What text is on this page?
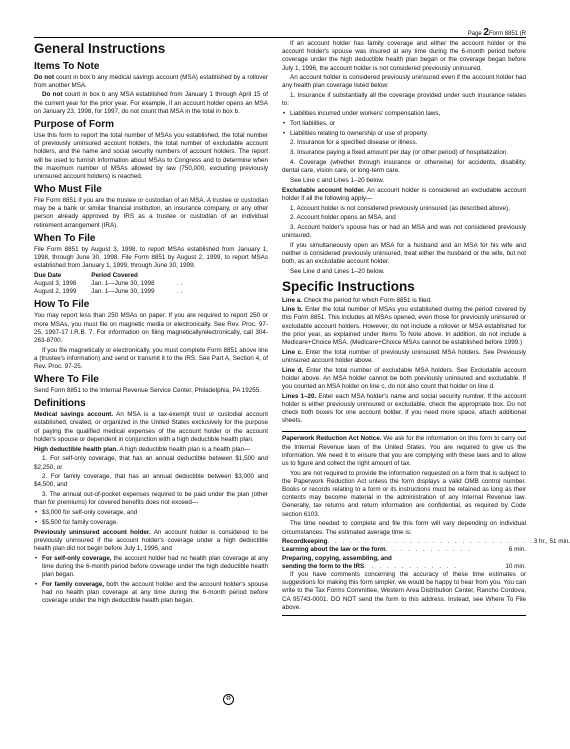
Page 2Form 8851 (R
General Instructions
Items To Note

Do not count in box b any medical savings account (MSA) established by a rollover from another MSA.

Do not count in box b any MSA established from January 1 through April 15 of the current year for the prior year. For example, if an account holder opens an MSA on January 23, 1998, for 1997, do not count that MSA in the total in box b.

Purpose of Form

Use this form to report the total number of MSAs you established, the total number of previously uninsured account holders, the total number of excludable account holders, and the name and social security numbers of account holders. The report will be used to furnish information about MSAs to Congress and to determine when the maximum number of MSAs allowed by law (750,000, excluding previously uninsured account holders) is reached.

Who Must File

File Form 8851 if you are the trustee or custodian of an MSA. A trustee or custodian may be a bank or similar financial institution, an insurance company, or any other person already approved by IRS as a trustee or custodian of an individual retirement arrangement (IRA).

When To File

File Form 8851 by August 3, 1998, to report MSAs established from January 1, 1998, through June 30, 1998. File Form 8851 by August 2, 1999, to report MSAs established from January 1, 1999, through June 30, 1999.

Due Date	Period Covered	
August 3, 1998	Jan. 1—June 30, 1998	. .
August 2, 1999	Jan. 1—June 30, 1999	. .
How To File

You may report less than 250 MSAs on paper. If you are required to report 250 or more MSAs, you must file on magnetic media or electronically. See Rev. Proc. 97-25, 1997-17 I.R.B. 7. For information on filing magnetically/electronically, call 304-263-8700.

If you file magnetically or electronically, you must complete Form 8851 above line a (trustee's information) and send or transmit it to the IRS. See Part A, Section 4, of Rev. Proc. 97-25.

Where To File

Send Form 8851 to the Internal Revenue Service Center, Philadelphia, PA 19255.

Definitions

Medical savings account. An MSA is a tax-exempt trust or custodial account established, created, or organized in the United States exclusively for the purpose of paying the qualified medical expenses of the account holder or the account holder's spouse or dependent in conjunction with a high deductible health plan.

High deductible health plan. A high deductible health plan is a health plan—

1. For self-only coverage, that has an annual deductible between $1,500 and $2,250, or

2. For family coverage, that has an annual deductible between $3,000 and $4,500, and

3. The annual out-of-pocket expenses required to be paid under the plan (other than for premiums) for covered benefits does not exceed—

• $3,000 for self-only coverage, and

• $5,500 for family coverage.

Previously uninsured account holder. An account holder is considered to be previously uninsured if the account holder's coverage under a high deductible health plan did not begin before July 1, 1996, and

• For self-only coverage, the account holder had no health plan coverage at any time during the 6-month period before coverage under the high deductible health plan began.

• For family coverage, both the account holder and the account holder's spouse had no health plan coverage at any time during the 6-month period before coverage under the high deductible health plan began.

♻

If an account holder has family coverage and either the account holder or the account holder's spouse was insured at any time during the 6-month period before coverage under the high deductible health plan began or the coverage began before July 1, 1996, the account holder is not considered previously uninsured.

An account holder is considered previously uninsured even if the account holder had any health plan coverage listed below:

1. Insurance if substantially all the coverage provided under such insurance relates to:

• Liabilities incurred under workers' compensation laws,

• Tort liabilities, or

• Liabilities relating to ownership or use of property.

2. Insurance for a specified disease or illness.

3. Insurance paying a fixed amount per day (or other period) of hospitalization.

4. Coverage (whether through insurance or otherwise) for accidents, disability, dental care, vision care, or long-term care.

See Line c and Lines 1–20 below.

Excludable account holder. An account holder is considered an excludable account holder if all the following apply—

1. Account holder is not considered previously uninsured (as described above),

2. Account holder opens an MSA, and

3. Account holder's spouse has or had an MSA and was not considered previously uninsured.

If you simultaneously open an MSA for a husband and an MSA for his wife and neither is considered previously uninsured, treat either the husband or the wife, but not both, as an excludable account holder.

See Line d and Lines 1–20 below.

Specific Instructions

Line a. Check the period for which Form 8851 is filed.

Line b. Enter the total number of MSAs you established during the period covered by this Form 8851. This includes all MSAs opened, even those for previously uninsured or excludable account holders. However, do not include a rollover or MSA established for the prior year, as explained under Items To Note above. In addition, do not include a Medicare+Choice MSA. (Medicare+Choice MSAs cannot be established before 1999.)

Line c. Enter the total number of previously uninsured MSA holders. See Previously uninsured account holder above.

Line d. Enter the total number of excludable MSA holders. See Excludable account holder above. An MSA holder cannot be both previously uninsured and excludable. If you counted an MSA holder on line c, do not also count that holder on line d.

Lines 1–20. Enter each MSA holder's name and social security number. If the account holder is either previously uninsured or excludable, check the appropriate box. Do not check both boxes for one account holder. If you need more space, attach additional sheets.

Paperwork Reduction Act Notice. We ask for the information on this form to carry out the Internal Revenue laws of the United States. You are required to give us the information. We need it to ensure that you are complying with these laws and to allow us to figure and collect the right amount of tax.

You are not required to provide the information requested on a form that is subject to the Paperwork Reduction Act unless the form displays a valid OMB control number. Books or records relating to a form or its instructions must be retained as long as their contents may become material in the administration of any Internal Revenue law. Generally, tax returns and return information are confidential, as required by Code section 6103.

The time needed to complete and file this form will vary depending on individual circumstances. The estimated average time is:

Recordkeeping . . . . . . . . . . . . . . . . . . . . . . . . . . . . 3 hr., 51 min.
Learning about the law or the form . . . . . . . . . . . .	6 min.
Preparing, copying, assembling, and
sending the form to the IRS . . . . . . . . . . . . .	10 min.

If you have comments concerning the accuracy of these time estimates or suggestions for making this form simpler, we would be happy to hear from you. You can write to the Tax Forms Committee, Western Area Distribution Center, Rancho Cordova, CA 95743-0001. DO NOT send the form to this address. Instead, see Where To File above.
